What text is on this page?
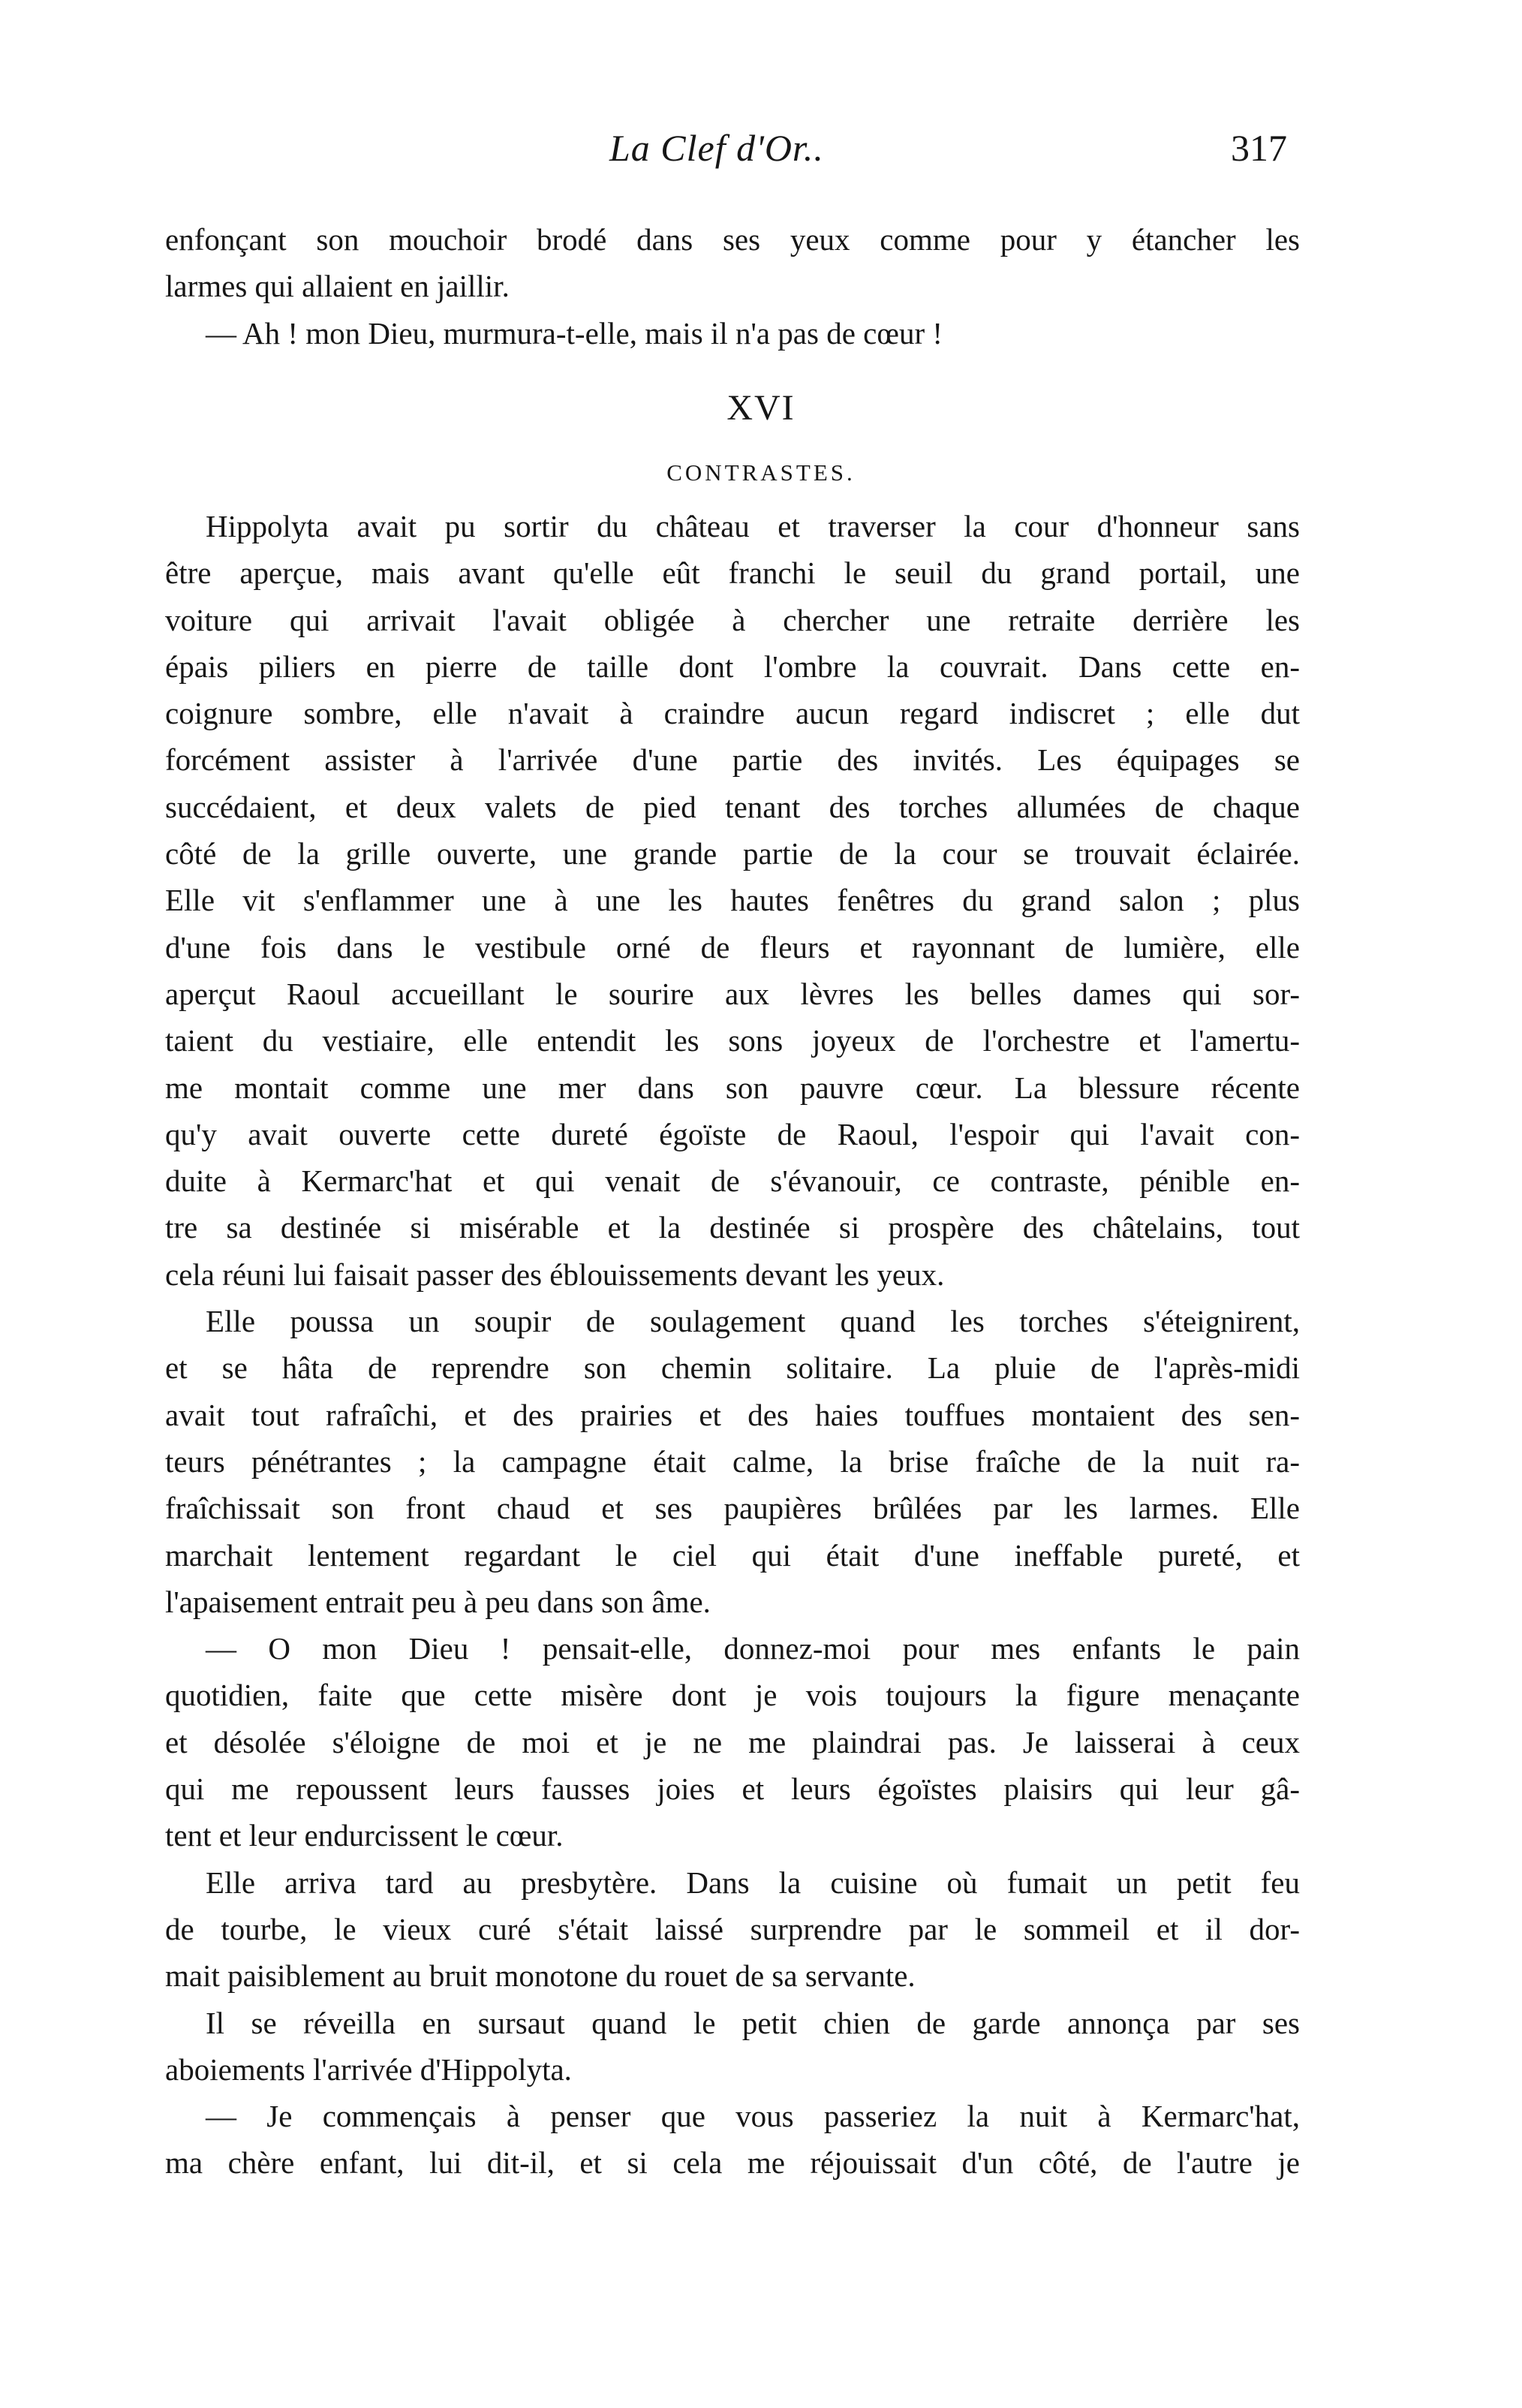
La Clef d'Or..	317
enfonçant son mouchoir brodé dans ses yeux comme pour y étancher les
larmes qui allaient en jaillir.
— Ah ! mon Dieu, murmura-t-elle, mais il n'a pas de cœur !
XVI
CONTRASTES.
Hippolyta avait pu sortir du château et traverser la cour d'honneur sans
être aperçue, mais avant qu'elle eût franchi le seuil du grand portail, une
voiture qui arrivait l'avait obligée à chercher une retraite derrière les
épais piliers en pierre de taille dont l'ombre la couvrait. Dans cette en-
coignure sombre, elle n'avait à craindre aucun regard indiscret ; elle dut
forcément assister à l'arrivée d'une partie des invités. Les équipages se
succédaient, et deux valets de pied tenant des torches allumées de chaque
côté de la grille ouverte, une grande partie de la cour se trouvait éclairée.
Elle vit s'enflammer une à une les hautes fenêtres du grand salon ; plus
d'une fois dans le vestibule orné de fleurs et rayonnant de lumière, elle
aperçut Raoul accueillant le sourire aux lèvres les belles dames qui sor-
taient du vestiaire, elle entendit les sons joyeux de l'orchestre et l'amertu-
me montait comme une mer dans son pauvre cœur. La blessure récente
qu'y avait ouverte cette dureté égoïste de Raoul, l'espoir qui l'avait con-
duite à Kermarc'hat et qui venait de s'évanouir, ce contraste, pénible en-
tre sa destinée si misérable et la destinée si prospère des châtelains, tout
cela réuni lui faisait passer des éblouissements devant les yeux.
Elle poussa un soupir de soulagement quand les torches s'éteignirent,
et se hâta de reprendre son chemin solitaire. La pluie de l'après-midi
avait tout rafraîchi, et des prairies et des haies touffues montaient des sen-
teurs pénétrantes ; la campagne était calme, la brise fraîche de la nuit ra-
fraîchissait son front chaud et ses paupières brûlées par les larmes. Elle
marchait lentement regardant le ciel qui était d'une ineffable pureté, et
l'apaisement entrait peu à peu dans son âme.
— O mon Dieu ! pensait-elle, donnez-moi pour mes enfants le pain
quotidien, faite que cette misère dont je vois toujours la figure menaçante
et désolée s'éloigne de moi et je ne me plaindrai pas. Je laisserai à ceux
qui me repoussent leurs fausses joies et leurs égoïstes plaisirs qui leur gâ-
tent et leur endurcissent le cœur.
Elle arriva tard au presbytère. Dans la cuisine où fumait un petit feu
de tourbe, le vieux curé s'était laissé surprendre par le sommeil et il dor-
mait paisiblement au bruit monotone du rouet de sa servante.
Il se réveilla en sursaut quand le petit chien de garde annonça par ses
aboiements l'arrivée d'Hippolyta.
— Je commençais à penser que vous passeriez la nuit à Kermarc'hat,
ma chère enfant, lui dit-il, et si cela me réjouissait d'un côté, de l'autre je
